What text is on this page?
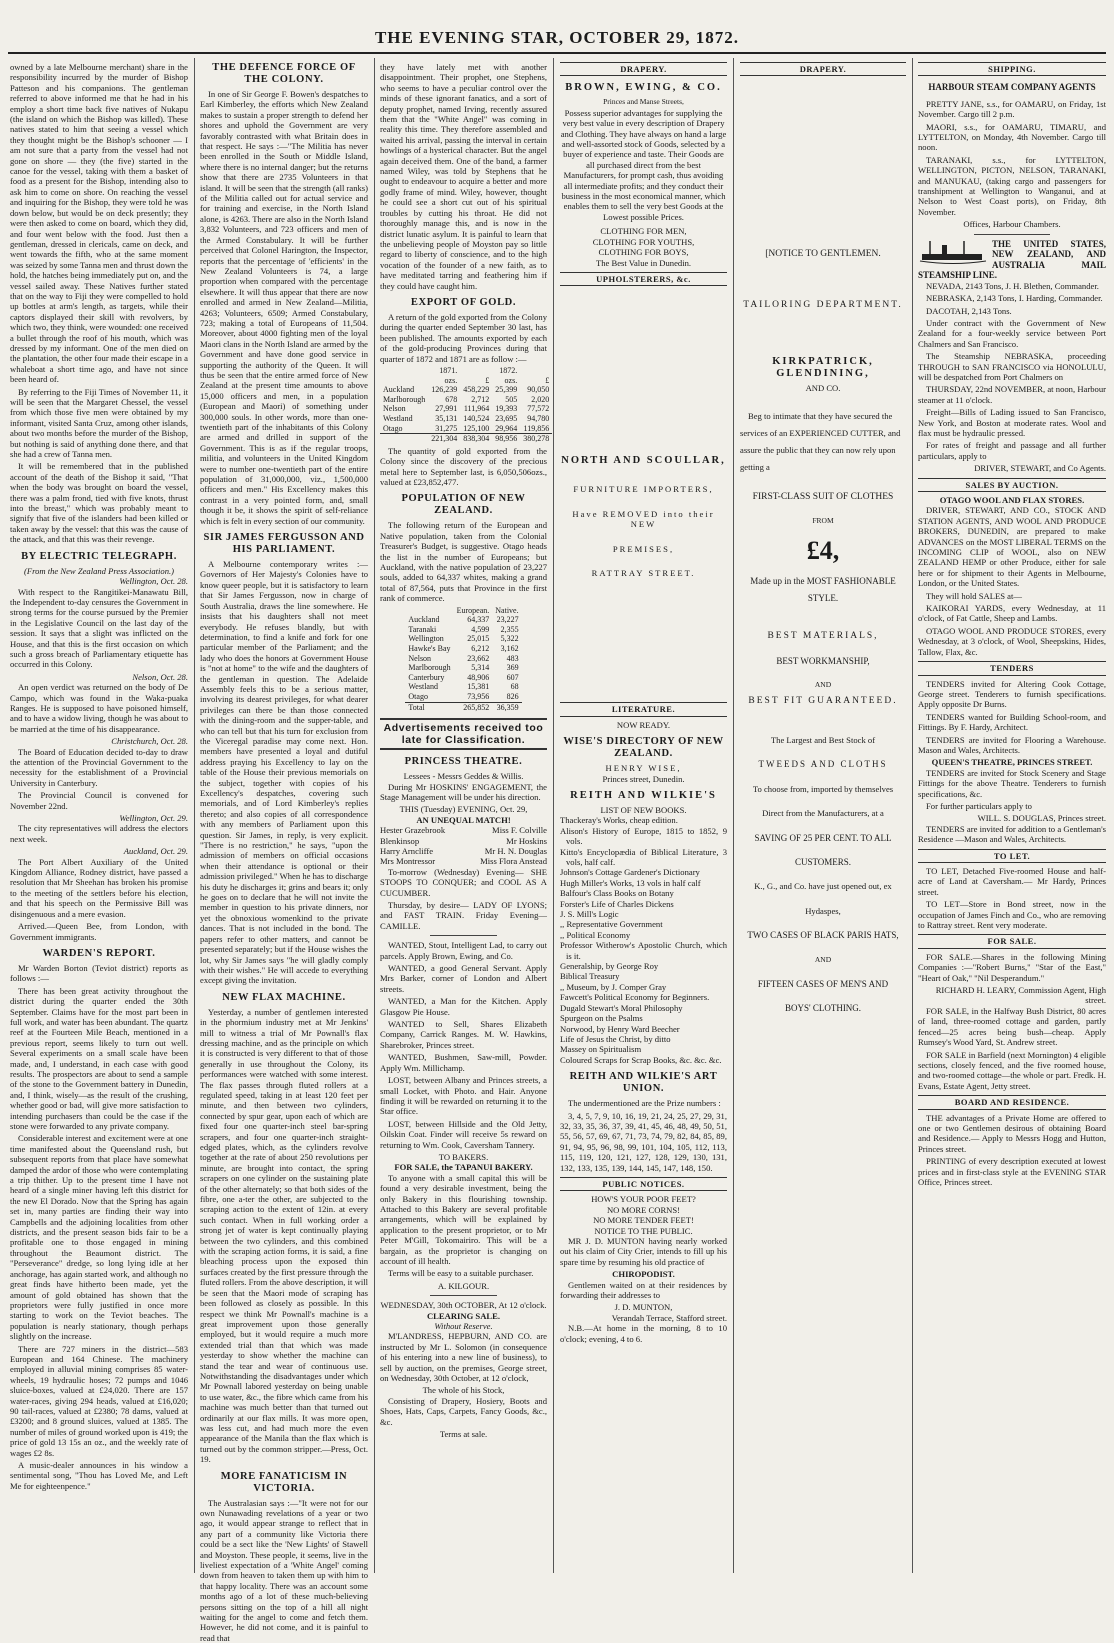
THE EVENING STAR, OCTOBER 29, 1872.

owned by a late Melbourne merchant) share in the responsibility incurred by the murder of Bishop Patteson and his companions. The gentleman referred to above informed me that he had in his employ a short time back five natives of Nukapu (the island on which the Bishop was killed). These natives stated to him that seeing a vessel which they thought might be the Bishop's schooner — I am not sure that a party from the vessel had not gone on shore — they (the five) started in the canoe for the vessel, taking with them a basket of food as a present for the Bishop, intending also to ask him to come on shore. On reaching the vessel and inquiring for the Bishop, they were told he was down below, but would be on deck presently; they were then asked to come on board, which they did, and four went below with the food. Just then a gentleman, dressed in clericals, came on deck, and went towards the fifth, who at the same moment was seized by some Tanna men and thrust down the hold, the hatches being immediately put on, and the vessel sailed away. These Natives further stated that on the way to Fiji they were compelled to hold up bottles at arm's length, as targets, while their captors displayed their skill with revolvers, by which two, they think, were wounded: one received a bullet through the roof of his mouth, which was dressed by my informant. One of the men died on the plantation, the other four made their escape in a whaleboat a short time ago, and have not since been heard of.

By referring to the Fiji Times of November 11, it will be seen that the Margaret Chessel, the vessel from which those five men were obtained by my informant, visited Santa Cruz, among other islands, about two months before the murder of the Bishop, but nothing is said of anything done there, and that she had a crew of Tanna men.

It will be remembered that in the published account of the death of the Bishop it said, "That when the body was brought on board the vessel, there was a palm frond, tied with five knots, thrust into the breast," which was probably meant to signify that five of the islanders had been killed or taken away by the vessel: that this was the cause of the attack, and that this was their revenge.

BY ELECTRIC TELEGRAPH.
(From the New Zealand Press Association.)
Wellington, Oct. 28.

With respect to the Rangitikei-Manawatu Bill, the Independent to-day censures the Government in strong terms for the course pursued by the Premier in the Legislative Council on the last day of the session. It says that a slight was inflicted on the House, and that this is the first occasion on which such a gross breach of Parliamentary etiquette has occurred in this Colony.

Nelson, Oct. 28.

An open verdict was returned on the body of De Campo, which was found in the Waka-puaka Ranges. He is supposed to have poisoned himself, and to have a widow living, though he was about to be married at the time of his disappearance.

Christchurch, Oct. 28.

The Board of Education decided to-day to draw the attention of the Provincial Government to the necessity for the establishment of a Provincial University in Canterbury.

The Provincial Council is convened for November 22nd.

Wellington, Oct. 29.

The city representatives will address the electors next week.

Auckland, Oct. 29.

The Port Albert Auxiliary of the United Kingdom Alliance, Rodney district, have passed a resolution that Mr Sheehan has broken his promise to the meeting of the settlers before his election, and that his speech on the Permissive Bill was disingenuous and a mere evasion.

Arrived.—Queen Bee, from London, with Government immigrants.

WARDEN'S REPORT.

Mr Warden Borton (Teviot district) reports as follows :—

There has been great activity throughout the district during the quarter ended the 30th September. Claims have for the most part been in full work, and water has been abundant. The quartz reef at the Fourteen Mile Beach, mentioned in a previous report, seems likely to turn out well. Several experiments on a small scale have been made, and, I understand, in each case with good results. The prospectors are about to send a sample of the stone to the Government battery in Dunedin, and, I think, wisely—as the result of the crushing, whether good or bad, will give more satisfaction to intending purchasers than could be the case if the stone were forwarded to any private company.

Considerable interest and excitement were at one time manifested about the Queensland rush, but subsequent reports from that place have somewhat damped the ardor of those who were contemplating a trip thither. Up to the present time I have not heard of a single miner having left this district for the new El Dorado. Now that the Spring has again set in, many parties are finding their way into Campbells and the adjoining localities from other districts, and the present season bids fair to be a profitable one to those engaged in mining throughout the Beaumont district. The "Perseverance" dredge, so long lying idle at her anchorage, has again started work, and although no great finds have hitherto been made, yet the amount of gold obtained has shown that the proprietors were fully justified in once more starting to work on the Teviot beaches. The population is nearly stationary, though perhaps slightly on the increase.

There are 727 miners in the district—583 European and 164 Chinese. The machinery employed in alluvial mining comprises 85 water-wheels, 19 hydraulic hoses; 72 pumps and 1046 sluice-boxes, valued at £24,020. There are 157 water-races, giving 294 heads, valued at £16,020; 90 tail-races, valued at £2380; 78 dams, valued at £3200; and 8 ground sluices, valued at 1385. The number of miles of ground worked upon is 419; the price of gold 13 15s an oz., and the weekly rate of wages £2 8s.

A music-dealer announces in his window a sentimental song, "Thou has Loved Me, and Left Me for eighteenpence."

THE DEFENCE FORCE OF THE COLONY.

In one of Sir George F. Bowen's despatches to Earl Kimberley, the efforts which New Zealand makes to sustain a proper strength to defend her shores and uphold the Government are very favorably contrasted with what Britain does in that respect. He says :—"The Militia has never been enrolled in the South or Middle Island, where there is no internal danger; but the returns show that there are 2735 Volunteers in that island. It will be seen that the strength (all ranks) of the Militia called out for actual service and for training and exercise, in the North Island alone, is 4263. There are also in the North Island 3,832 Volunteers, and 723 officers and men of the Armed Constabulary. It will be further perceived that Colonel Harington, the Inspector, reports that the percentage of 'efficients' in the New Zealand Volunteers is 74, a large proportion when compared with the percentage elsewhere. It will thus appear that there are now enrolled and armed in New Zealand—Militia, 4263; Volunteers, 6509; Armed Constabulary, 723; making a total of Europeans of 11,504. Moreover, about 4000 fighting men of the loyal Maori clans in the North Island are armed by the Government and have done good service in supporting the authority of the Queen. It will thus be seen that the entire armed force of New Zealand at the present time amounts to above 15,000 officers and men, in a population (European and Maori) of something under 300,000 souls. In other words, more than one-twentieth part of the inhabitants of this Colony are armed and drilled in support of the Government. This is as if the regular troops, militia, and volunteers in the United Kingdom were to number one-twentieth part of the entire population of 31,000,000, viz., 1,500,000 officers and men." His Excellency makes this contrast in a very pointed form, and, small though it be, it shows the spirit of self-reliance which is felt in every section of our community.

SIR JAMES FERGUSSON AND HIS PARLIAMENT.

A Melbourne contemporary writes :— Governors of Her Majesty's Colonies have to know queer people, but it is satisfactory to learn that Sir James Fergusson, now in charge of South Australia, draws the line somewhere. He insists that his daughters shall not meet everybody. He refuses blandly, but with determination, to find a knife and fork for one particular member of the Parliament; and the lady who does the honors at Government House is "not at home" to the wife and the daughters of the gentleman in question. The Adelaide Assembly feels this to be a serious matter, involving its dearest privileges, for what dearer privileges can there be than those connected with the dining-room and the supper-table, and who can tell but that his turn for exclusion from the Viceregal paradise may come next. Hon. members have presented a loyal and dutiful address praying his Excellency to lay on the table of the House their previous memorials on the subject, together with copies of his Excellency's despatches, covering such memorials, and of Lord Kimberley's replies thereto; and also copies of all correspondence with any members of Parliament upon this question. Sir James, in reply, is very explicit. "There is no restriction," he says, "upon the admission of members on official occasions when their attendance is optional or their admission privileged." When he has to discharge his duty he discharges it; grins and bears it; only he goes on to declare that he will not invite the member in question to his private dinners, nor yet the obnoxious womenkind to the private dances. That is not included in the bond. The papers refer to other matters, and cannot be presented separately; but if the House wishes the lot, why Sir James says "he will gladly comply with their wishes." He will accede to everything except giving the invitation.

NEW FLAX MACHINE.

Yesterday, a number of gentlemen interested in the phormium industry met at Mr Jenkins' mill to witness a trial of Mr Pownall's flax dressing machine, and as the principle on which it is constructed is very different to that of those generally in use throughout the Colony, its performances were watched with some interest. The flax passes through fluted rollers at a regulated speed, taking in at least 120 feet per minute, and then between two cylinders, connected by spur gear, upon each of which are fixed four one quarter-inch steel bar-spring scrapers, and four one quarter-inch straight-edged plates, which, as the cylinders revolve together at the rate of about 250 revolutions per minute, are brought into contact, the spring scrapers on one cylinder on the sustaining plate of the other alternately; so that both sides of the fibre, one a-ter the other, are subjected to the scraping action to the extent of 12in. at every such contact. When in full working order a strong jet of water is kept continually playing between the two cylinders, and this combined with the scraping action forms, it is said, a fine bleaching process upon the exposed thin surfaces created by the first pressure through the fluted rollers. From the above description, it will be seen that the Maori mode of scraping has been followed as closely as possible. In this respect we think Mr Pownall's machine is a great improvement upon those generally employed, but it would require a much more extended trial than that which was made yesterday to show whether the machine can stand the tear and wear of continuous use. Notwithstanding the disadvantages under which Mr Pownall labored yesterday on being unable to use water, &c., the fibre which came from his machine was much better than that turned out ordinarily at our flax mills. It was more open, was less cut, and had much more the even appearance of the Manila than the flax which is turned out by the common stripper.—Press, Oct. 19.

MORE FANATICISM IN VICTORIA.

The Australasian says :—"It were not for our own Nunawading revelations of a year or two ago, it would appear strange to reflect that in any part of a community like Victoria there could be a sect like the 'New Lights' of Stawell and Moyston. These people, it seems, live in the liveliest expectation of a 'White Angel' coming down from heaven to taken them up with him to that happy locality. There was an account some months ago of a lot of these much-believing persons sitting on the top of a hill all night waiting for the angel to come and fetch them. However, he did not come, and it is painful to read that

they have lately met with another disappointment. Their prophet, one Stephens, who seems to have a peculiar control over the minds of these ignorant fanatics, and a sort of deputy prophet, named Irving, recently assured them that the "White Angel" was coming in reality this time. They therefore assembled and waited his arrival, passing the interval in certain howlings of a hysterical character. But the angel again deceived them. One of the band, a farmer named Wiley, was told by Stephens that he ought to endeavour to acquire a better and more godly frame of mind. Wiley, however, thought he could see a short cut out of his spiritual troubles by cutting his throat. He did not thoroughly manage this, and is now in the district lunatic asylum. It is painful to learn that the unbelieving people of Moyston pay so little regard to liberty of conscience, and to the high vocation of the founder of a new faith, as to have meditated tarring and feathering him if they could have caught him.

EXPORT OF GOLD.

A return of the gold exported from the Colony during the quarter ended September 30 last, has been published. The amounts exported by each of the gold-producing Provinces during that quarter of 1872 and 1871 are as follow :—

	1871.		1872.	
	ozs.	£	ozs.	£
Auckland	126,239	458,229	25,399	90,050
Marlborough	678	2,712	505	2,020
Nelson	27,991	111,964	19,393	77,572
Westland	35,131	140,524	23,695	94,780
Otago	31,275	125,100	29,964	119,856
	221,304	838,304	98,956	380,278

The quantity of gold exported from the Colony since the discovery of the precious metal here to September last, is 6,050,506ozs., valued at £23,852,477.

POPULATION OF NEW ZEALAND.

The following return of the European and Native population, taken from the Colonial Treasurer's Budget, is suggestive. Otago heads the list in the number of Europeans; but Auckland, with the native population of 23,227 souls, added to 64,337 whites, making a grand total of 87,564, puts that Province in the first rank of commerce.

	European.	Native.
Auckland	64,337	23,227
Taranaki	4,599	2,355
Wellington	25,015	5,322
Hawke's Bay	6,212	3,162
Nelson	23,662	483
Marlborough	5,314	369
Canterbury	48,906	607
Westland	15,381	68
Otago	73,956	826
Total	265,852	36,359
Advertisements received too late for Classification.
PRINCESS THEATRE.
Lessees - Messrs Geddes & Willis.

During Mr HOSKINS' ENGAGEMENT, the Stage Management will be under his direction.

THIS (Tuesday) EVENING, Oct. 29,
AN UNEQUAL MATCH!
Hester Grazebrook	Miss F. Colville
Blenkinsop	Mr Hoskins
Harry Arncliffe	Mr H. N. Douglas
Mrs Montressor	Miss Flora Anstead

To-morrow (Wednesday) Evening— SHE STOOPS TO CONQUER; and COOL AS A CUCUMBER.

Thursday, by desire— LADY OF LYONS; and FAST TRAIN. Friday Evening—CAMILLE.

WANTED, Stout, Intelligent Lad, to carry out parcels. Apply Brown, Ewing, and Co.

WANTED, a good General Servant. Apply Mrs Barker, corner of London and Albert streets.

WANTED, a Man for the Kitchen. Apply Glasgow Pie House.

WANTED to Sell, Shares Elizabeth Company, Carrick Ranges. M. W. Hawkins, Sharebroker, Princes street.

WANTED, Bushmen, Saw-mill, Powder. Apply Wm. Millichamp.

LOST, between Albany and Princes streets, a small Locket, with Photo. and Hair. Anyone finding it will be rewarded on returning it to the Star office.

LOST, between Hillside and the Old Jetty, Oilskin Coat. Finder will receive 5s reward on returning to Wm. Cook, Caversham Tannery.

TO BAKERS.
FOR SALE, the TAPANUI BAKERY.

To anyone with a small capital this will be found a very desirable investment, being the only Bakery in this flourishing township. Attached to this Bakery are several profitable arrangements, which will be explained by application to the present proprietor, or to Mr Peter M'Gill, Tokomairiro. This will be a bargain, as the proprietor is changing on account of ill health.

Terms will be easy to a suitable purchaser.

A. KILGOUR.
WEDNESDAY, 30th OCTOBER, At 12 o'clock.
CLEARING SALE.
Without Reserve.

M'LANDRESS, HEPBURN, AND CO. are instructed by Mr L. Solomon (in consequence of his entering into a new line of business), to sell by auction, on the premises, George street, on Wednesday, 30th October, at 12 o'clock,

The whole of his Stock,

Consisting of Drapery, Hosiery, Boots and Shoes, Hats, Caps, Carpets, Fancy Goods, &c., &c.

Terms at sale.
DRAPERY.
BROWN, EWING, & CO.
Princes and Manse Streets,
Possess superior advantages for supplying the very best value in every description of Drapery and Clothing. They have always on hand a large and well-assorted stock of Goods, selected by a buyer of experience and taste. Their Goods are all purchased direct from the best Manufacturers, for prompt cash, thus avoiding all intermediate profits; and they conduct their business in the most economical manner, which enables them to sell the very best Goods at the Lowest possible Prices.
CLOTHING FOR MEN,
CLOTHING FOR YOUTHS,
CLOTHING FOR BOYS,
The Best Value in Dunedin.
UPHOLSTERERS, &c.
NORTH AND SCOULLAR,
FURNITURE IMPORTERS,
Have REMOVED into their NEW
PREMISES,
RATTRAY STREET.
LITERATURE.
NOW READY.
WISE'S DIRECTORY OF NEW ZEALAND.
HENRY WISE,
Princes street, Dunedin.
REITH AND WILKIE'S
LIST OF NEW BOOKS.
Thackeray's Works, cheap edition.
Alison's History of Europe, 1815 to 1852, 9 vols.
Kitto's Encyclopædia of Biblical Literature, 3 vols, half calf.
Johnson's Cottage Gardener's Dictionary
Hugh Miller's Works, 13 vols in half calf
Balfour's Class Books on Botany
Forster's Life of Charles Dickens
J. S. Mill's Logic
,, Representative Government
,, Political Economy
Professor Witherow's Apostolic Church, which is it.
Generalship, by George Roy
Biblical Treasury
,, Museum, by J. Comper Gray
Fawcett's Political Economy for Beginners.
Dugald Stewart's Moral Philosophy
Spurgeon on the Psalms
Norwood, by Henry Ward Beecher
Life of Jesus the Christ, by ditto
Massey on Spiritualism
Coloured Scraps for Scrap Books, &c. &c. &c.
REITH AND WILKIE'S ART UNION.

The undermentioned are the Prize numbers :

3, 4, 5, 7, 9, 10, 16, 19, 21, 24, 25, 27, 29, 31, 32, 33, 35, 36, 37, 39, 41, 45, 46, 48, 49, 50, 51, 55, 56, 57, 69, 67, 71, 73, 74, 79, 82, 84, 85, 89, 91, 94, 95, 96, 98, 99, 101, 104, 105, 112, 113, 115, 119, 120, 121, 127, 128, 129, 130, 131, 132, 133, 135, 139, 144, 145, 147, 148, 150.

PUBLIC NOTICES.
HOW'S YOUR POOR FEET?
NO MORE CORNS!
NO MORE TENDER FEET!
NOTICE TO THE PUBLIC.

MR J. D. MUNTON having nearly worked out his claim of City Crier, intends to fill up his spare time by resuming his old practice of

CHIROPODIST.

Gentlemen waited on at their residences by forwarding their addresses to

J. D. MUNTON,
Verandah Terrace, Stafford street.

N.B.—At home in the morning, 8 to 10 o'clock; evening, 4 to 6.

DRAPERY.
[NOTICE TO GENTLEMEN.
TAILORING DEPARTMENT.
KIRKPATRICK, GLENDINING,
AND CO.

Beg to intimate that they have secured the services of an EXPERIENCED CUTTER, and assure the public that they can now rely upon getting a

FIRST-CLASS SUIT OF CLOTHES
FROM
£4,
Made up in the MOST FASHIONABLE
STYLE.
BEST MATERIALS,
BEST WORKMANSHIP,
AND
BEST FIT GUARANTEED.
The Largest and Best Stock of
TWEEDS AND CLOTHS
To choose from, imported by themselves
Direct from the Manufacturers, at a
SAVING OF 25 PER CENT. TO ALL
CUSTOMERS.
K., G., and Co. have just opened out, ex
Hydaspes,
TWO CASES OF BLACK PARIS HATS,
AND
FIFTEEN CASES OF MEN'S AND
BOYS' CLOTHING.
SHIPPING.
HARBOUR STEAM COMPANY AGENTS

PRETTY JANE, s.s., for OAMARU, on Friday, 1st November. Cargo till 2 p.m.

MAORI, s.s., for OAMARU, TIMARU, and LYTTELTON, on Monday, 4th November. Cargo till noon.

TARANAKI, s.s., for LYTTELTON, WELLINGTON, PICTON, NELSON, TARANAKI, and MANUKAU, (taking cargo and passengers for transhipment at Wellington to Wanganui, and at Nelson to West Coast ports), on Friday, 8th November.

Offices, Harbour Chambers.
THE UNITED STATES, NEW ZEALAND, AND AUSTRALIA MAIL STEAMSHIP LINE.

NEVADA, 2143 Tons, J. H. Blethen, Commander.

NEBRASKA, 2,143 Tons, I. Harding, Commander.

DACOTAH, 2,143 Tons.

Under contract with the Government of New Zealand for a four-weekly service between Port Chalmers and San Francisco.

The Steamship NEBRASKA, proceeding THROUGH to SAN FRANCISCO via HONOLULU, will be despatched from Port Chalmers on

THURSDAY, 22nd NOVEMBER, at noon, Harbour steamer at 11 o'clock.

Freight—Bills of Lading issued to San Francisco, New York, and Boston at moderate rates. Wool and flax must be hydraulic pressed.

For rates of freight and passage and all further particulars, apply to

DRIVER, STEWART, and Co Agents.
SALES BY AUCTION.
OTAGO WOOL AND FLAX STORES.

DRIVER, STEWART, AND CO., STOCK AND STATION AGENTS, AND WOOL AND PRODUCE BROKERS, DUNEDIN, are prepared to make ADVANCES on the MOST LIBERAL TERMS on the INCOMING CLIP of WOOL, also on NEW ZEALAND HEMP or other Produce, either for sale here or for shipment to their Agents in Melbourne, London, or the United States.

They will hold SALES at—

KAIKORAI YARDS, every Wednesday, at 11 o'clock, of Fat Cattle, Sheep and Lambs.

OTAGO WOOL AND PRODUCE STORES, every Wednesday, at 3 o'clock, of Wool, Sheepskins, Hides, Tallow, Flax, &c.

TENDERS

TENDERS invited for Altering Cook Cottage, George street. Tenderers to furnish specifications. Apply opposite Dr Burns.

TENDERS wanted for Building School-room, and Fittings. By F. Hardy, Architect.

TENDERS are invited for Flooring a Warehouse. Mason and Wales, Architects.

QUEEN'S THEATRE, PRINCES STREET.

TENDERS are invited for Stock Scenery and Stage Fittings for the above Theatre. Tenderers to furnish specifications, &c.

For further particulars apply to

WILL. S. DOUGLAS, Princes street.

TENDERS are invited for addition to a Gentleman's Residence —Mason and Wales, Architects.

TO LET.

TO LET, Detached Five-roomed House and half-acre of Land at Caversham.— Mr Hardy, Princes street.

TO LET—Store in Bond street, now in the occupation of James Finch and Co., who are removing to Rattray street. Rent very moderate.

FOR SALE.

FOR SALE.—Shares in the following Mining Companies :—"Robert Burns," "Star of the East," "Heart of Oak," "Nil Desperandum."

RICHARD H. LEARY, Commission Agent, High street.

FOR SALE, in the Halfway Bush District, 80 acres of land, three-roomed cottage and garden, partly fenced—25 acres being bush—cheap. Apply Rumsey's Wood Yard, St. Andrew street.

FOR SALE in Barfield (next Mornington) 4 eligible sections, closely fenced, and the five roomed house, and two-roomed cottage—the whole or part. Fredk. H. Evans, Estate Agent, Jetty street.

BOARD AND RESIDENCE.

THE advantages of a Private Home are offered to one or two Gentlemen desirous of obtaining Board and Residence.— Apply to Messrs Hogg and Hutton, Princes street.

PRINTING of every description executed at lowest prices and in first-class style at the EVENING STAR Office, Princes street.
